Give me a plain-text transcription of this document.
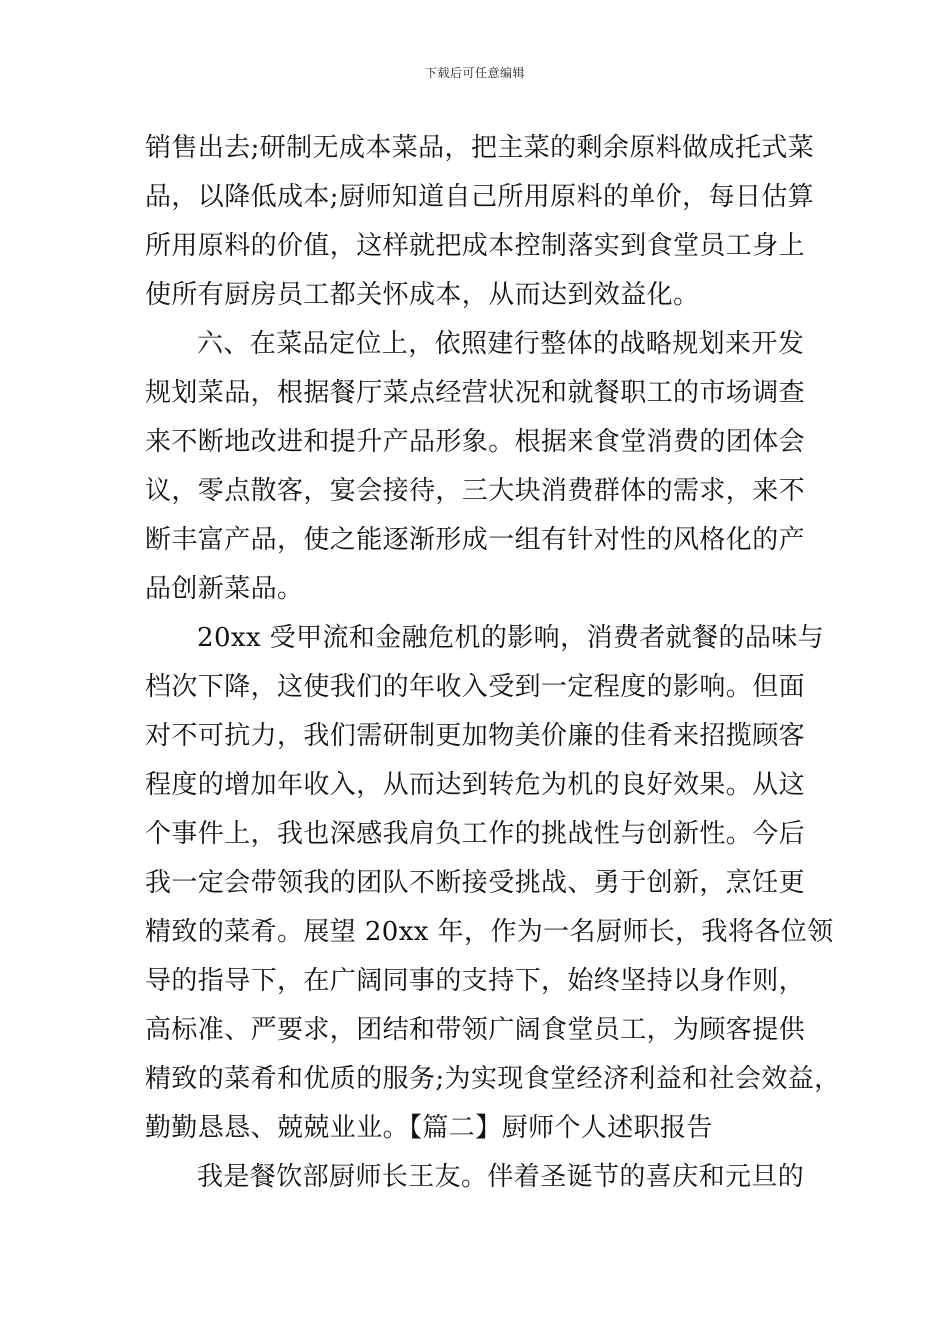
下载后可任意编辑
销售出去;研制无成本菜品，把主菜的剩余原料做成托式菜
品，以降低成本;厨师知道自己所用原料的单价，每日估算
所用原料的价值，这样就把成本控制落实到食堂员工身上
使所有厨房员工都关怀成本，从而达到效益化。
六、在菜品定位上，依照建行整体的战略规划来开发
规划菜品，根据餐厅菜点经营状况和就餐职工的市场调查
来不断地改进和提升产品形象。根据来食堂消费的团体会
议，零点散客，宴会接待，三大块消费群体的需求，来不
断丰富产品，使之能逐渐形成一组有针对性的风格化的产
品创新菜品。
20xx 受甲流和金融危机的影响，消费者就餐的品味与
档次下降，这使我们的年收入受到一定程度的影响。但面
对不可抗力，我们需研制更加物美价廉的佳肴来招揽顾客
程度的增加年收入，从而达到转危为机的良好效果。从这
个事件上，我也深感我肩负工作的挑战性与创新性。今后
我一定会带领我的团队不断接受挑战、勇于创新，烹饪更
精致的菜肴。展望 20xx 年，作为一名厨师长，我将各位领
导的指导下，在广阔同事的支持下，始终坚持以身作则，
高标准、严要求，团结和带领广阔食堂员工，为顾客提供
精致的菜肴和优质的服务;为实现食堂经济利益和社会效益，
勤勤恳恳、兢兢业业。【篇二】厨师个人述职报告
我是餐饮部厨师长王友。伴着圣诞节的喜庆和元旦的
